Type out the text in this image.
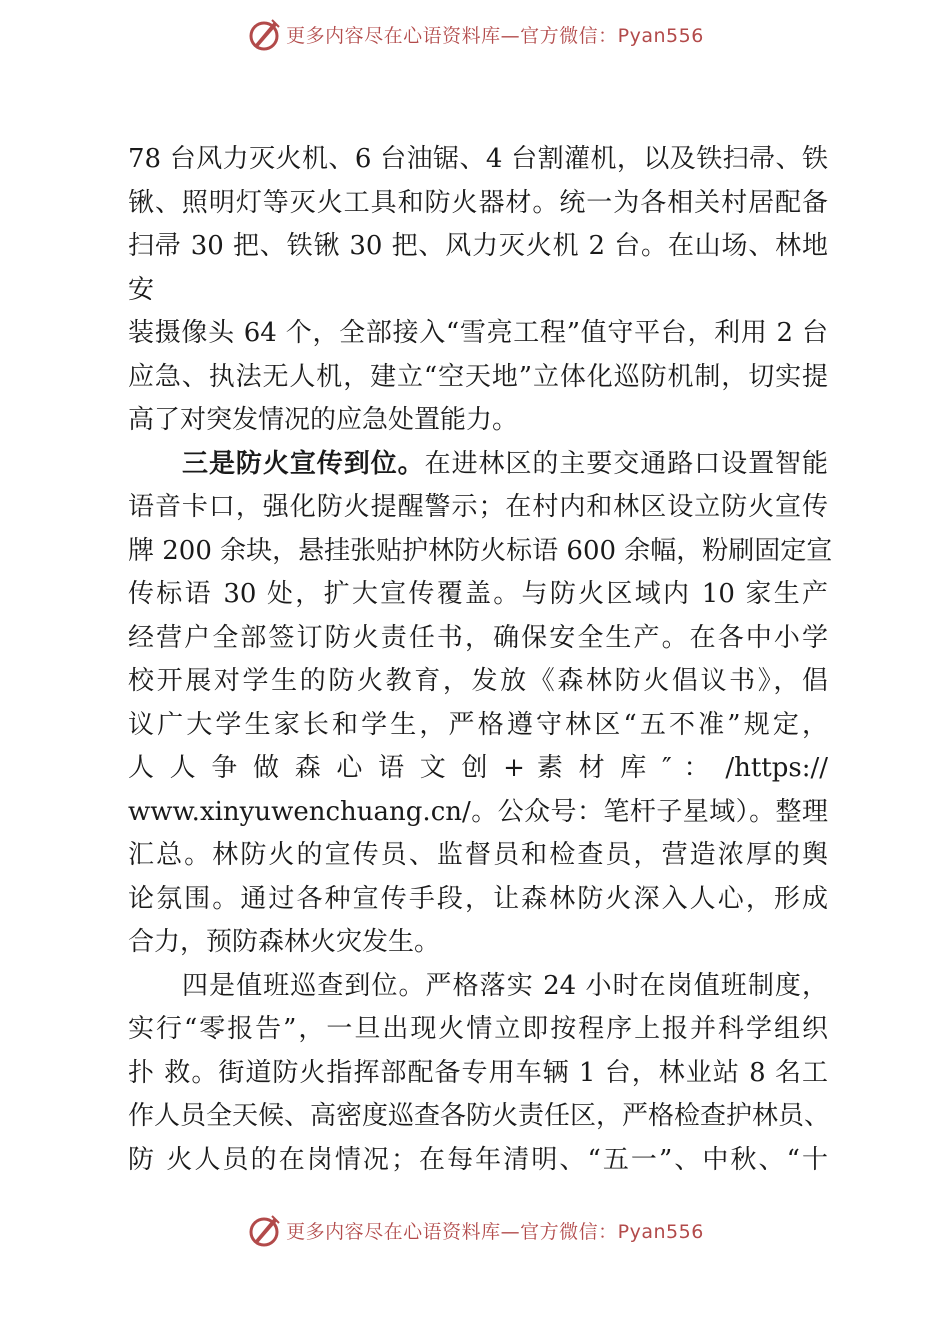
更多内容尽在心语资料库—官方微信：Pyan556
78 台风力灭火机、6 台油锯、4 台割灌机，以及铁扫帚、铁
锹、照明灯等灭火工具和防火器材。统一为各相关村居配备
扫帚 30 把、铁锹 30 把、风力灭火机 2 台。在山场、林地
安
装摄像头 64 个，全部接入“雪亮工程”值守平台，利用 2 台
应急、执法无人机，建立“空天地”立体化巡防机制，切实提
高了对突发情况的应急处置能力。
三是防火宣传到位。在进林区的主要交通路口设置智能
语音卡口，强化防火提醒警示；在村内和林区设立防火宣传
牌 200 余块，悬挂张贴护林防火标语 600 余幅，粉刷固定宣
传标语 30 处，扩大宣传覆盖。与防火区域内 10 家生产
经营户全部签订防火责任书，确保安全生产。在各中小学
校开展对学生的防火教育，发放《森林防火倡议书》，倡
议广大学生家长和学生，严格遵守林区“五不准”规定，
人 人 争 做 森 心 语 文 创 + 素 材 库 ″ ： /https://
www.xinyuwenchuang.cn/。公众号：笔杆子星域）。整理
汇总。林防火的宣传员、监督员和检查员，营造浓厚的舆
论氛围。通过各种宣传手段，让森林防火深入人心，形成
合力，预防森林火灾发生。
四是值班巡查到位。严格落实 24 小时在岗值班制度，
实行“零报告”，一旦出现火情立即按程序上报并科学组织
扑 救。街道防火指挥部配备专用车辆 1 台，林业站 8 名工
作人员全天候、高密度巡查各防火责任区，严格检查护林员、
防 火人员的在岗情况；在每年清明、“五一”、中秋、“十
更多内容尽在心语资料库—官方微信：Pyan556
